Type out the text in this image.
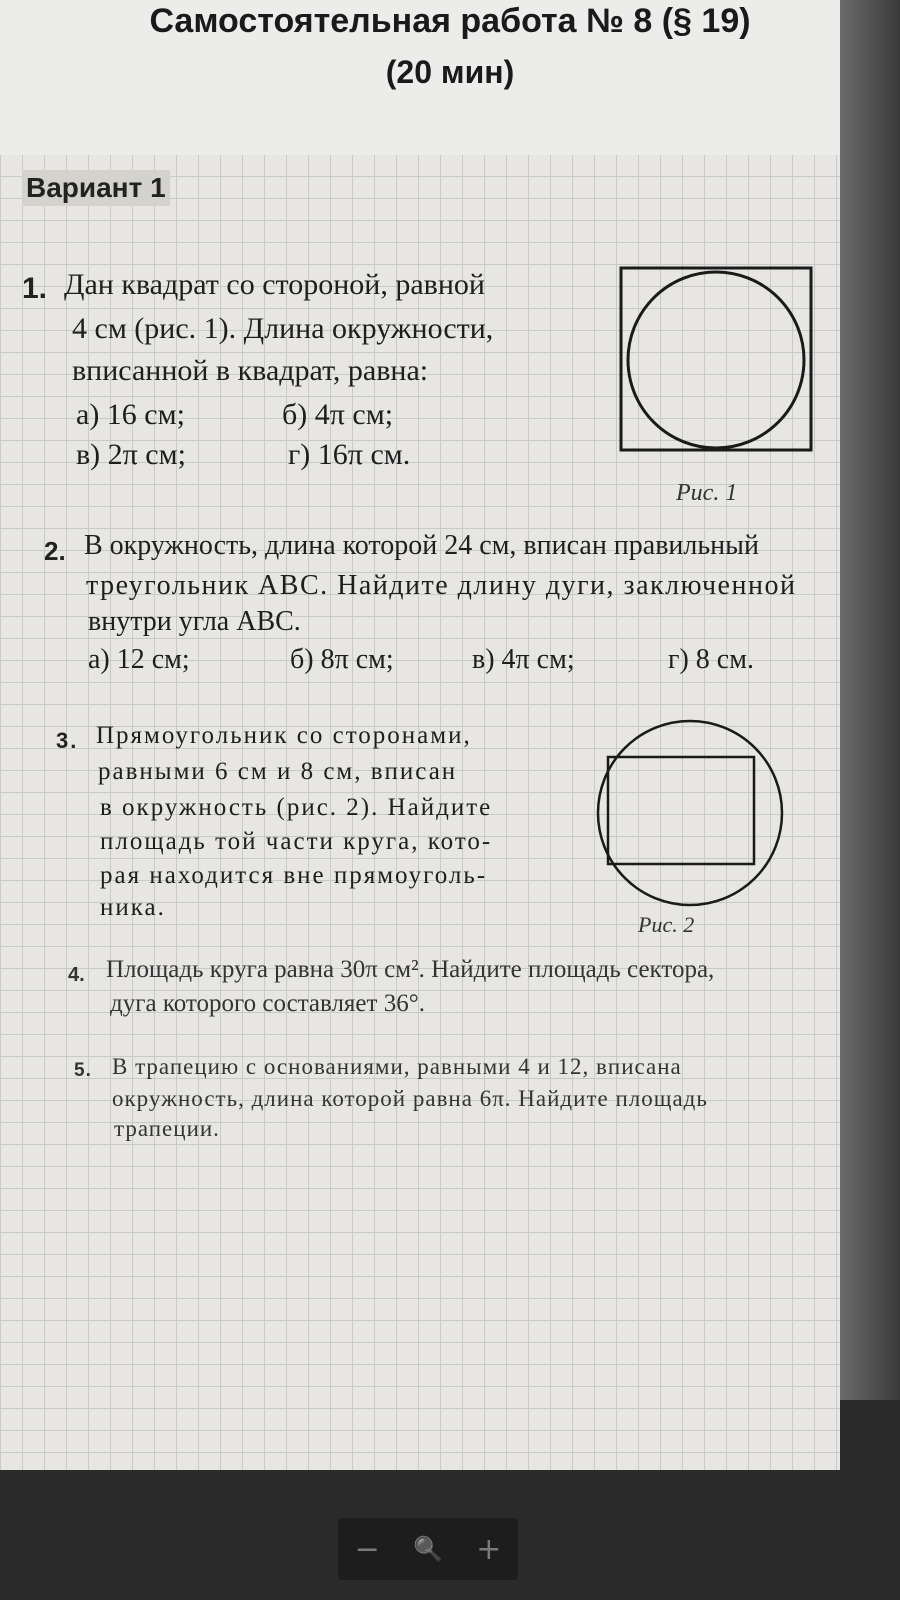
Самостоятельная работа № 8 (§ 19)
(20 мин)
Вариант 1
1. Дан квадрат со стороной, равной
4 см (рис. 1). Длина окружности,
вписанной в квадрат, равна:
а) 16 см;	б) 4π см;
в) 2π см;	г) 16π см.
Рис. 1
2. В окружность, длина которой 24 см, вписан правильный
треугольник ABC. Найдите длину дуги, заключенной
внутри угла ABC.
а) 12 см;	б) 8π см;	в) 4π см;	г) 8 см.
3. Прямоугольник со сторонами,
равными 6 см и 8 см, вписан
в окружность (рис. 2). Найдите
площадь той части круга, кото-
рая находится вне прямоуголь-
ника.
Рис. 2
4. Площадь круга равна 30π см². Найдите площадь сектора,
дуга которого составляет 36°.
5. В трапецию с основаниями, равными 4 и 12, вписана
окружность, длина которой равна 6π. Найдите площадь
трапеции.
− 🔍 +
